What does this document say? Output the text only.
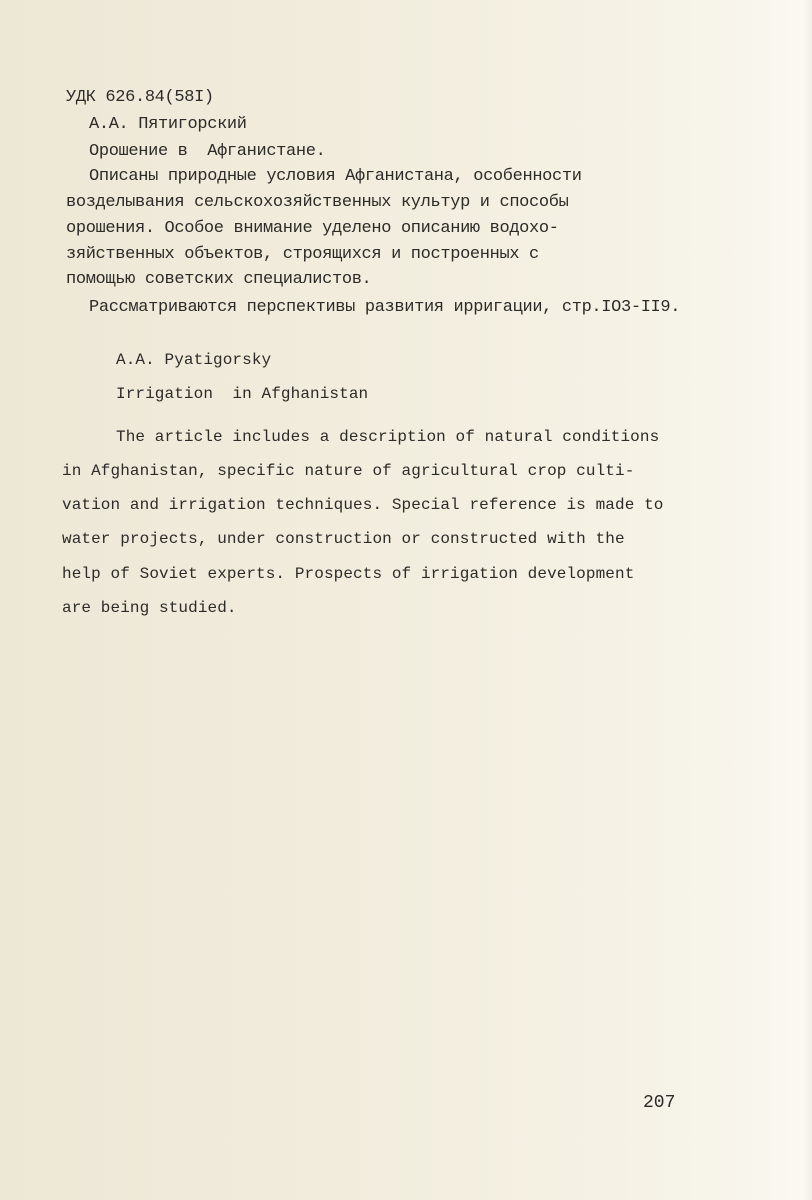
УДК 626.84(58I)
А.А. Пятигорский
Орошение в  Афганистане.
Описаны природные условия Афганистана, особенности
возделывания сельскохозяйственных культур и способы
орошения. Особое внимание уделено описанию водохо-
зяйственных объектов, строящихся и построенных с
помощью советских специалистов.
Рассматриваются перспективы развития ирригации, стр.IO3-II9.
A.A. Pyatigorsky
Irrigation  in Afghanistan
The article includes a description of natural conditions
in Afghanistan, specific nature of agricultural crop culti-
vation and irrigation techniques. Special reference is made to
water projects, under construction or constructed with the
help of Soviet experts. Prospects of irrigation development
are being studied.
207
